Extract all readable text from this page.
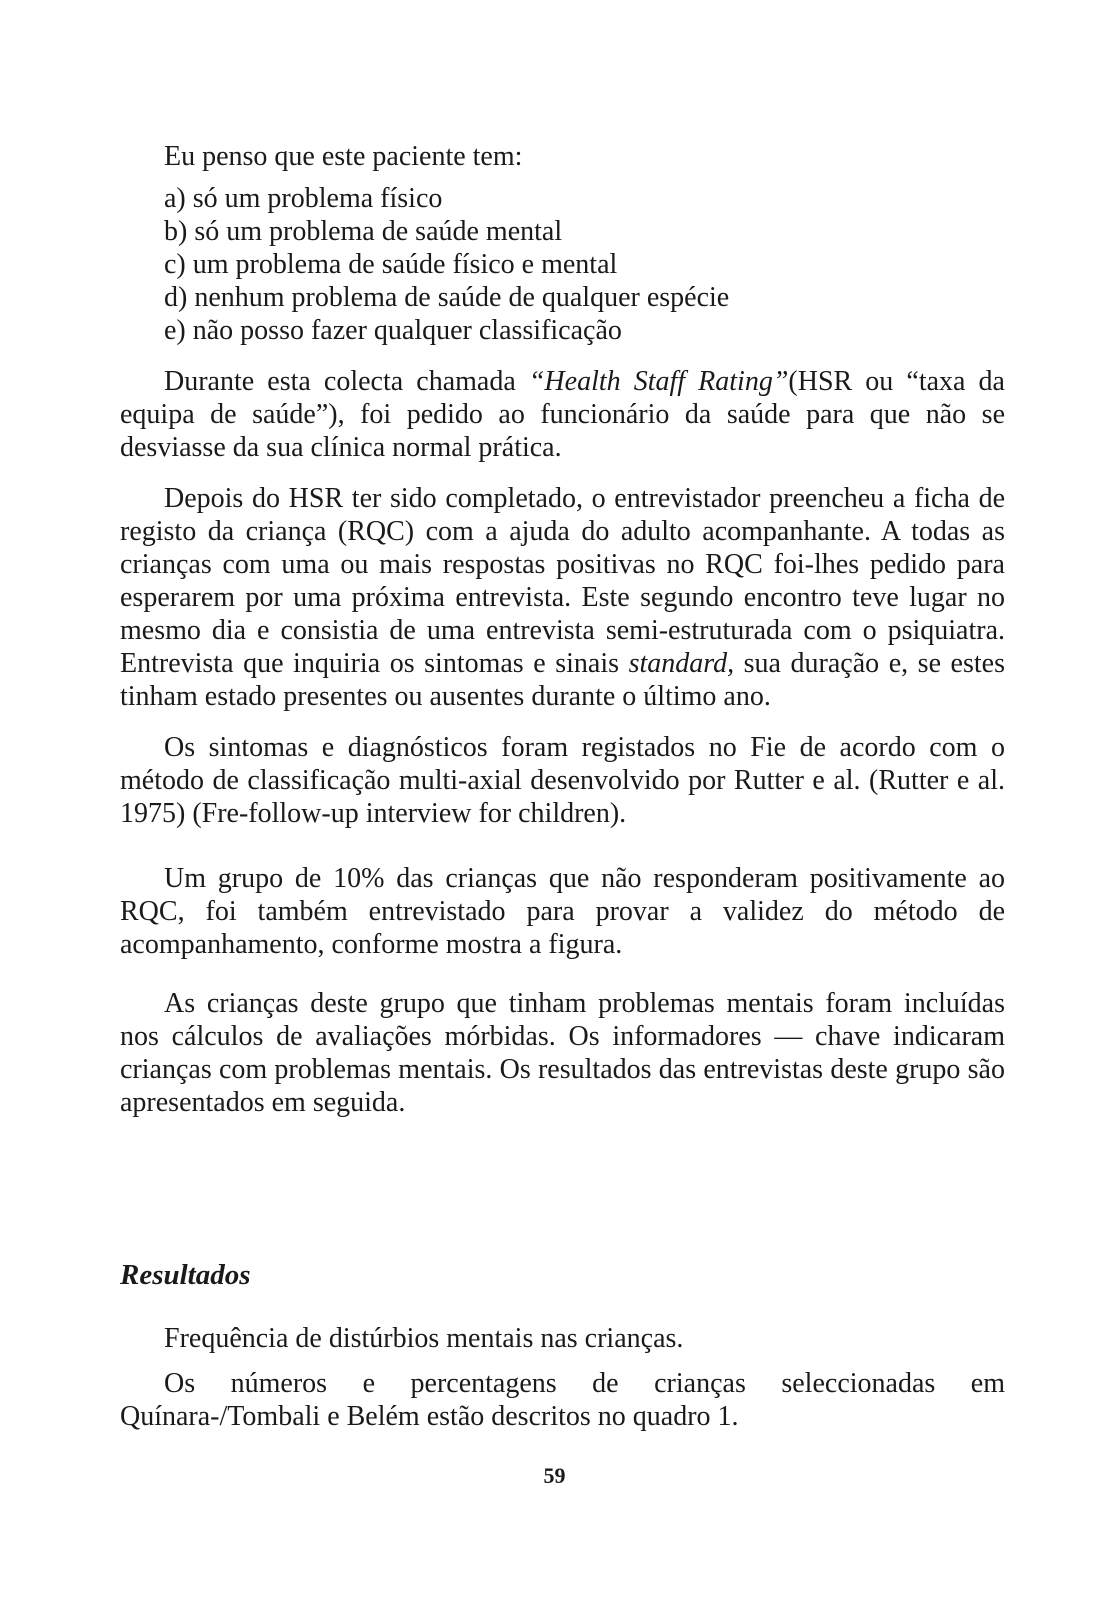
Eu penso que este paciente tem:

a) só um problema físico
b) só um problema de saúde mental
c) um problema de saúde físico e mental
d) nenhum problema de saúde de qualquer espécie
e) não posso fazer qualquer classificação

Durante esta colecta chamada “Health Staff Rating”(HSR ou “taxa da equipa de saúde”), foi pedido ao funcionário da saúde para que não se desviasse da sua clínica normal prática.

Depois do HSR ter sido completado, o entrevistador preencheu a ficha de registo da criança (RQC) com a ajuda do adulto acompanhante. A todas as crianças com uma ou mais respostas positivas no RQC foi-lhes pedido para esperarem por uma próxima entrevista. Este segundo encontro teve lugar no mesmo dia e consistia de uma entrevista semi-estruturada com o psiquiatra. Entrevista que inquiria os sintomas e sinais standard, sua duração e, se estes tinham estado presentes ou ausentes durante o último ano.

Os sintomas e diagnósticos foram registados no Fie de acordo com o método de classificação multi-axial desenvolvido por Rutter e al. (Rutter e al. 1975) (Fre-follow-up interview for children).

Um grupo de 10% das crianças que não responderam positivamente ao RQC, foi também entrevistado para provar a validez do método de acompanhamento, conforme mostra a figura.

As crianças deste grupo que tinham problemas mentais foram incluídas nos cálculos de avaliações mórbidas. Os informadores — chave indicaram crianças com problemas mentais. Os resultados das entrevistas deste grupo são apresentados em seguida.

Resultados

Frequência de distúrbios mentais nas crianças.

Os números e percentagens de crianças seleccionadas em Quínara-/Tombali e Belém estão descritos no quadro 1.

59
